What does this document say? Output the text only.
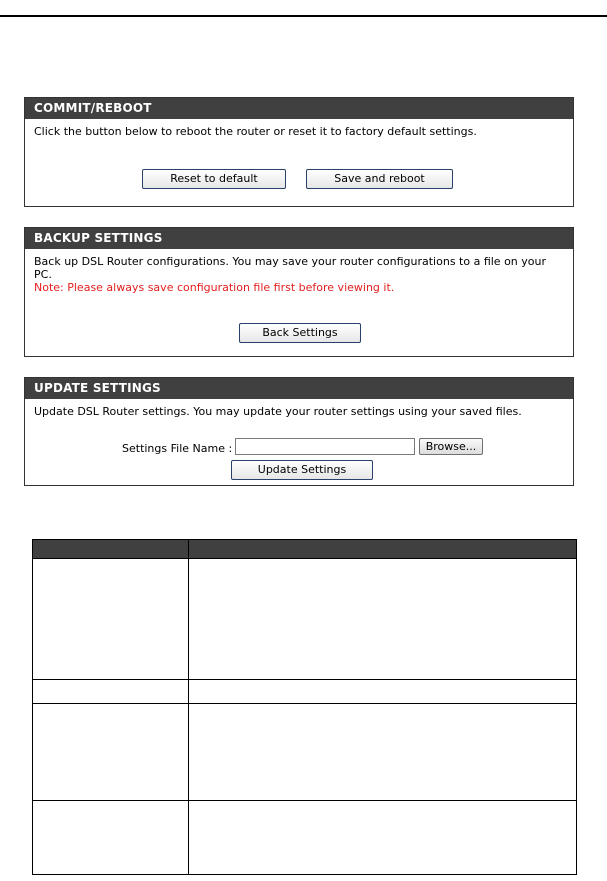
COMMIT/REBOOT
Click the button below to reboot the router or reset it to factory default settings.
Reset to default	Save and reboot
BACKUP SETTINGS
Back up DSL Router configurations. You may save your router configurations to a file on your PC.
Note: Please always save configuration file first before viewing it.
Back Settings
UPDATE SETTINGS
Update DSL Router settings. You may update your router settings using your saved files.
Settings File Name :	Browse...
Update Settings
